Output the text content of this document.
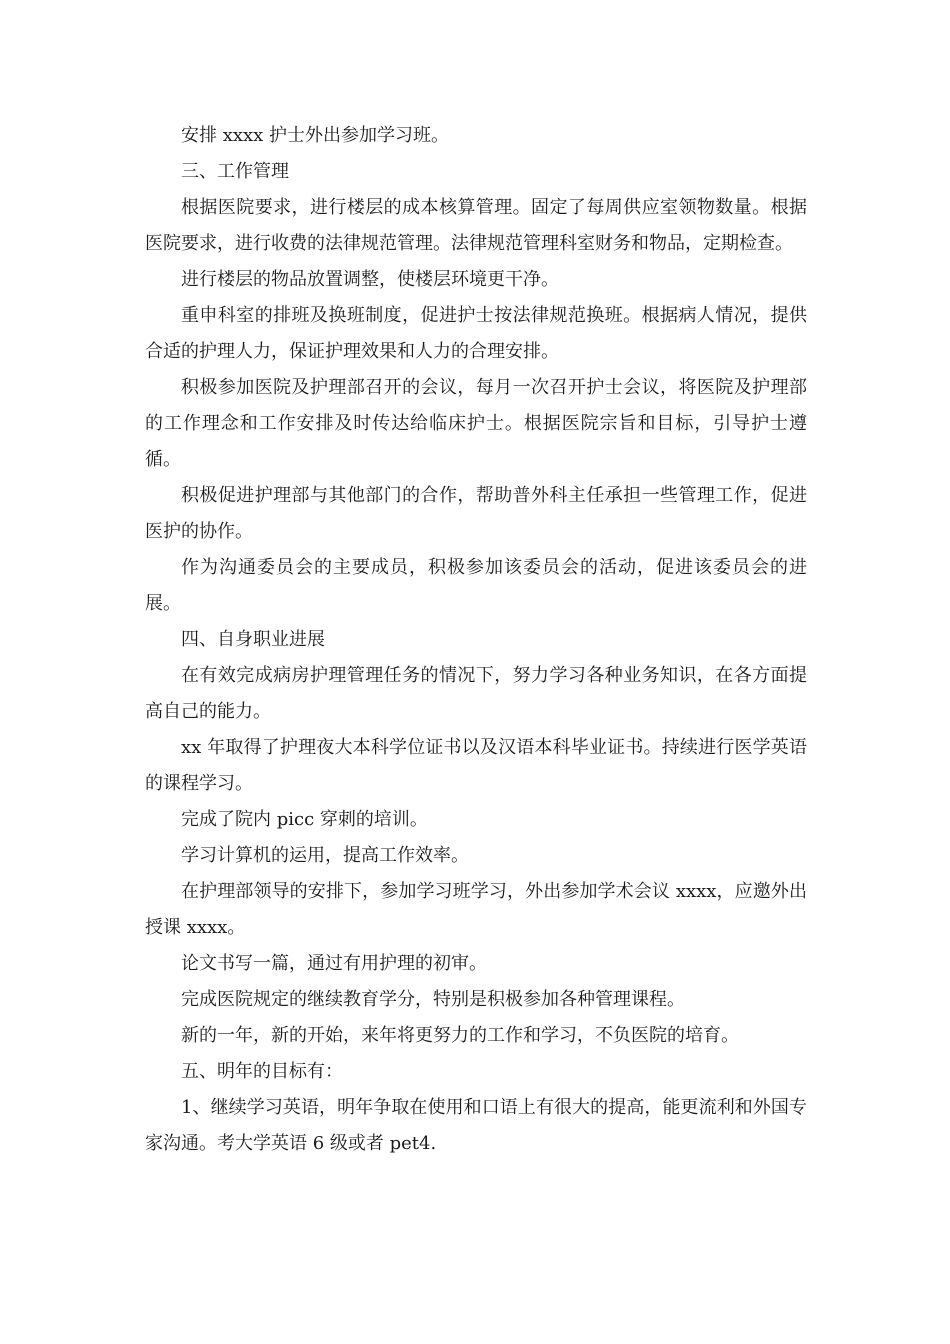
安排 xxxx 护士外出参加学习班。

三、工作管理

根据医院要求，进行楼层的成本核算管理。固定了每周供应室领物数量。根据医院要求，进行收费的法律规范管理。法律规范管理科室财务和物品，定期检查。

进行楼层的物品放置调整，使楼层环境更干净。

重申科室的排班及换班制度，促进护士按法律规范换班。根据病人情况，提供合适的护理人力，保证护理效果和人力的合理安排。

积极参加医院及护理部召开的会议，每月一次召开护士会议，将医院及护理部的工作理念和工作安排及时传达给临床护士。根据医院宗旨和目标，引导护士遵循。

积极促进护理部与其他部门的合作，帮助普外科主任承担一些管理工作，促进医护的协作。

作为沟通委员会的主要成员，积极参加该委员会的活动，促进该委员会的进展。

四、自身职业进展

在有效完成病房护理管理任务的情况下，努力学习各种业务知识，在各方面提高自己的能力。

xx 年取得了护理夜大本科学位证书以及汉语本科毕业证书。持续进行医学英语的课程学习。

完成了院内 picc 穿刺的培训。

学习计算机的运用，提高工作效率。

在护理部领导的安排下，参加学习班学习，外出参加学术会议 xxxx，应邀外出授课 xxxx。

论文书写一篇，通过有用护理的初审。

完成医院规定的继续教育学分，特别是积极参加各种管理课程。

新的一年，新的开始，来年将更努力的工作和学习，不负医院的培育。

五、明年的目标有：

1、继续学习英语，明年争取在使用和口语上有很大的提高，能更流利和外国专家沟通。考大学英语 6 级或者 pet4.
